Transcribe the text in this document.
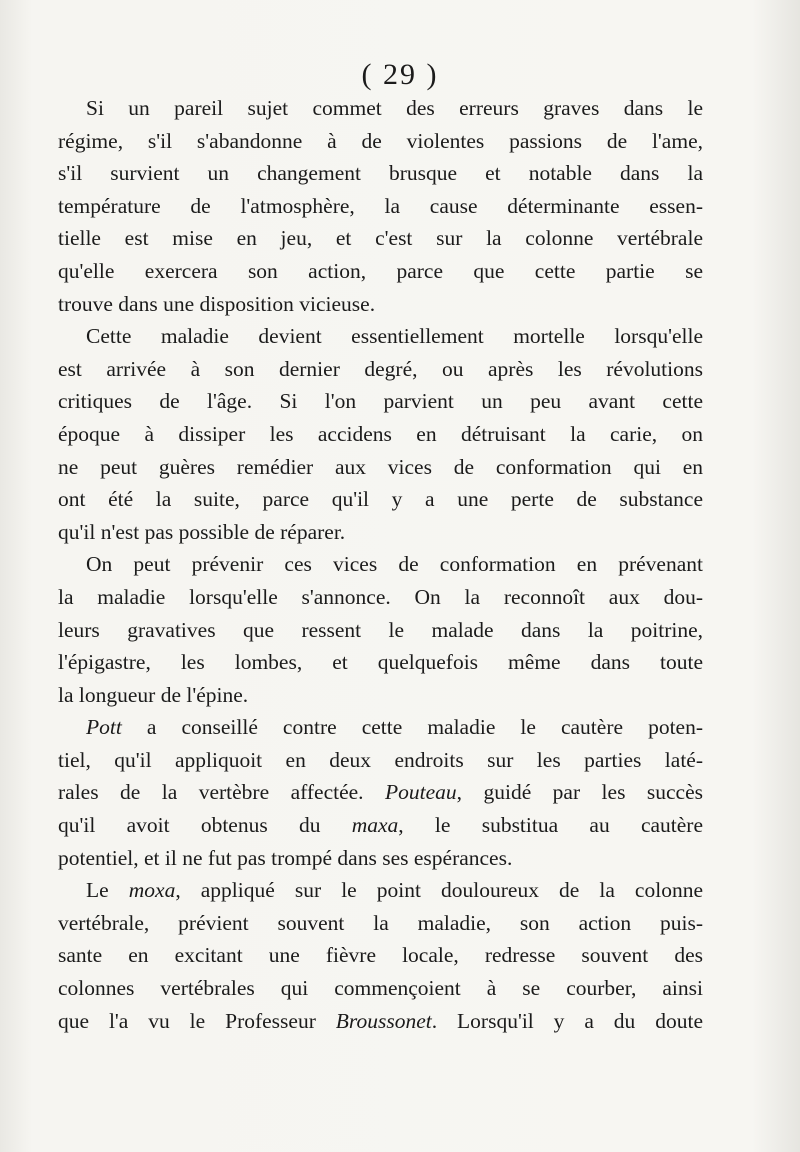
( 29 )
Si un pareil sujet commet des erreurs graves dans le
régime, s'il s'abandonne à de violentes passions de l'ame,
s'il survient un changement brusque et notable dans la
température de l'atmosphère, la cause déterminante essen-
tielle est mise en jeu, et c'est sur la colonne vertébrale
qu'elle exercera son action, parce que cette partie se
trouve dans une disposition vicieuse.
Cette maladie devient essentiellement mortelle lorsqu'elle
est arrivée à son dernier degré, ou après les révolutions
critiques de l'âge. Si l'on parvient un peu avant cette
époque à dissiper les accidens en détruisant la carie, on
ne peut guères remédier aux vices de conformation qui en
ont été la suite, parce qu'il y a une perte de substance
qu'il n'est pas possible de réparer.
On peut prévenir ces vices de conformation en prévenant
la maladie lorsqu'elle s'annonce. On la reconnoît aux dou-
leurs gravatives que ressent le malade dans la poitrine,
l'épigastre, les lombes, et quelquefois même dans toute
la longueur de l'épine.
Pott a conseillé contre cette maladie le cautère poten-
tiel, qu'il appliquoit en deux endroits sur les parties laté-
rales de la vertèbre affectée. Pouteau, guidé par les succès
qu'il avoit obtenus du maxa, le substitua au cautère
potentiel, et il ne fut pas trompé dans ses espérances.
Le moxa, appliqué sur le point douloureux de la colonne
vertébrale, prévient souvent la maladie, son action puis-
sante en excitant une fièvre locale, redresse souvent des
colonnes vertébrales qui commençoient à se courber, ainsi
que l'a vu le Professeur Broussonet. Lorsqu'il y a du doute
